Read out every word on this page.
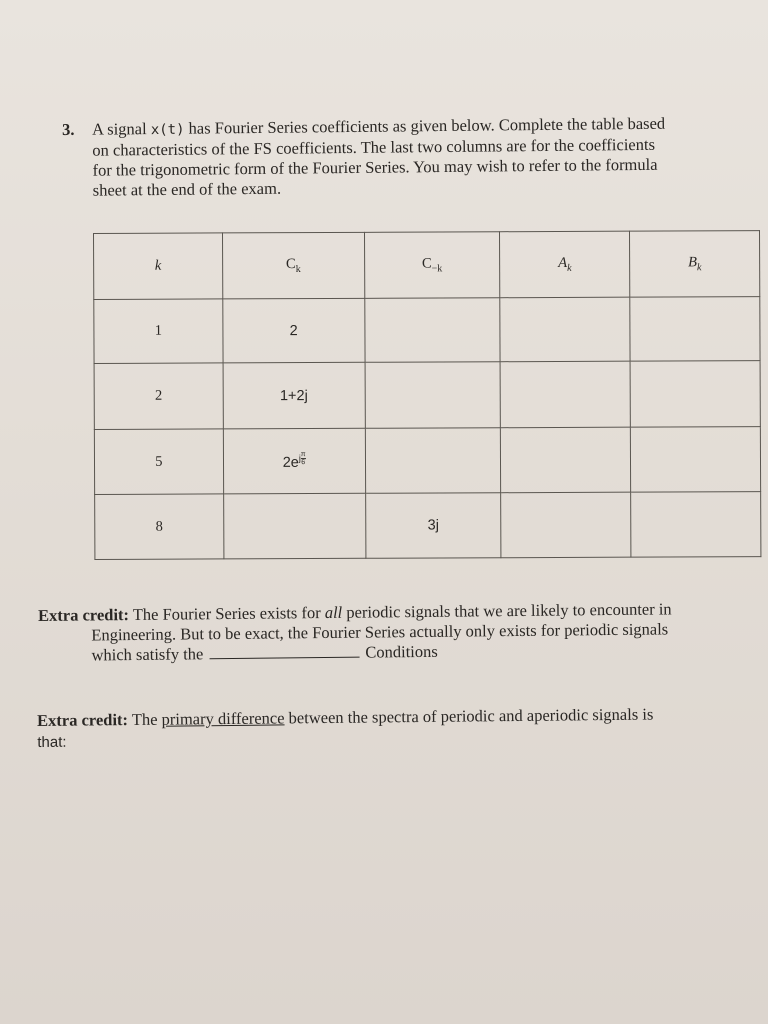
3. A signal x(t) has Fourier Series coefficients as given below. Complete the table based
on characteristics of the FS coefficients. The last two columns are for the coefficients
for the trigonometric form of the Fourier Series. You may wish to refer to the formula
sheet at the end of the exam.
k	$C_k$	$C_{-k}$	$A_k$	$B_k$
1	2			
2	1+2j			
5	$2e^{j \frac{\pi}{6}}$

8		3j		
Extra credit: The Fourier Series exists for all periodic signals that we are likely to encounter in
Engineering. But to be exact, the Fourier Series actually only exists for periodic signals
which satisfy the	Conditions
Extra credit: The primary difference between the spectra of periodic and aperiodic signals is
that:
